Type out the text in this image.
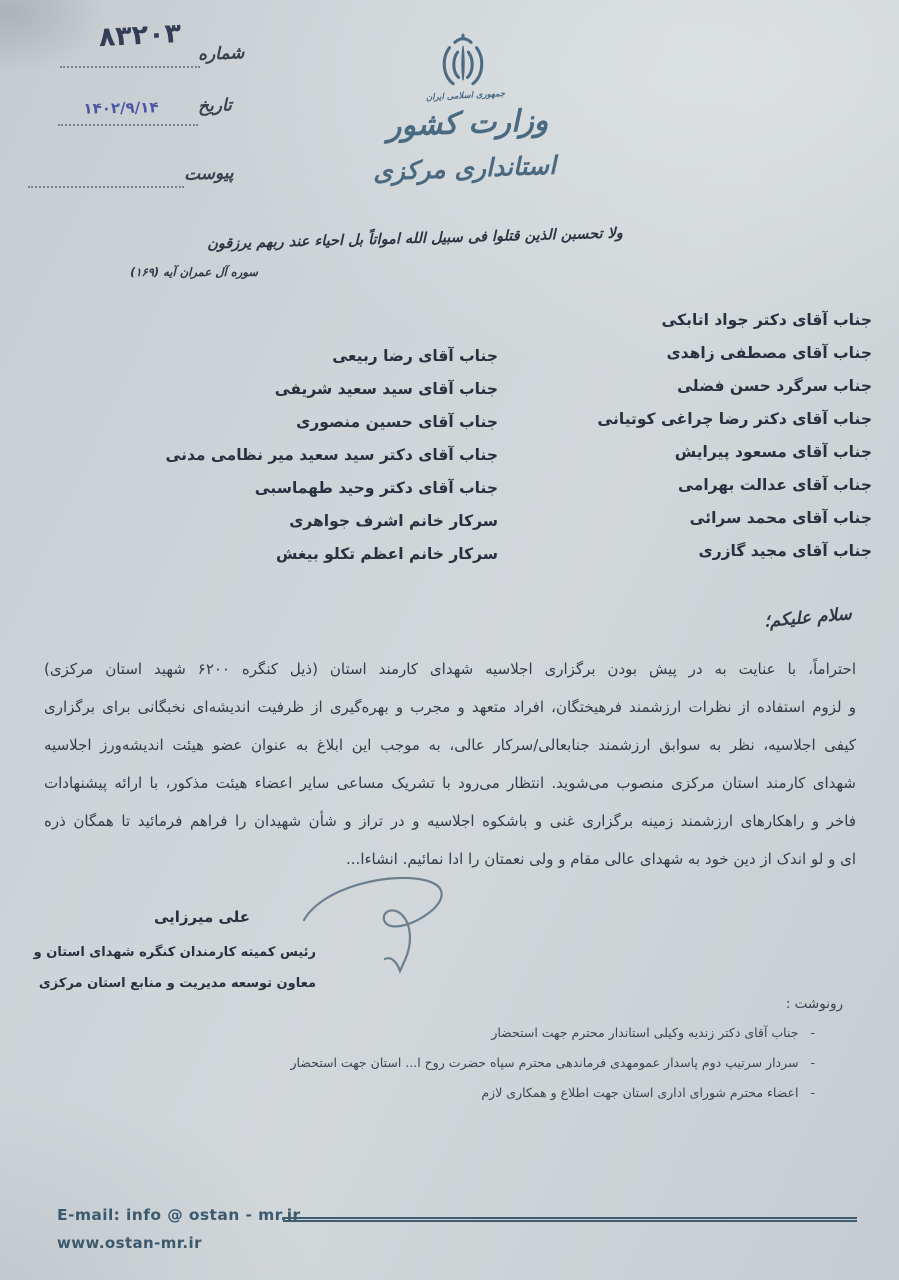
۸۳۲۰۳
شماره
۱۴۰۲/۹/۱۴	تاریخ
پیوست
جمهوری اسلامی ایران
وزارت کشور
استانداری مرکزی
ولا تحسبن الذین قتلوا فی سبیل الله امواتاً بل احیاء عند ربهم یرزقون
سوره آل عمران آیه (۱۶۹)
جناب آقای دکتر جواد اتابکی
جناب آقای مصطفی زاهدی
جناب سرگرد حسن فضلی
جناب آقای دکتر رضا چراغی کوتیانی
جناب آقای مسعود پیرایش
جناب آقای عدالت بهرامی
جناب آقای محمد سرائی
جناب آقای مجید گازری
جناب آقای رضا ربیعی
جناب آقای سید سعید شریفی
جناب آقای حسین منصوری
جناب آقای دکتر سید سعید میر نظامی مدنی
جناب آقای دکتر وحید طهماسبی
سرکار خانم اشرف جواهری
سرکار خانم اعظم تکلو بیغش
سلام علیکم؛
احتراماً، با عنایت به در پیش بودن برگزاری اجلاسیه شهدای کارمند استان (ذیل کنگره ۶۲۰۰ شهید استان مرکزی)
و لزوم استفاده از نظرات ارزشمند فرهیختگان، افراد متعهد و مجرب و بهره‌گیری از ظرفیت اندیشه‌ای نخبگانی برای برگزاری
کیفی اجلاسیه، نظر به سوابق ارزشمند جنابعالی/سرکار عالی، به موجب این ابلاغ به عنوان عضو هیئت اندیشه‌ورز اجلاسیه
شهدای کارمند استان مرکزی منصوب می‌شوید. انتظار می‌رود با تشریک مساعی سایر اعضاء هیئت مذکور، با ارائه پیشنهادات
فاخر و راهکارهای ارزشمند زمینه برگزاری غنی و باشکوه اجلاسیه و در تراز و شأن شهیدان را فراهم فرمائید تا همگان ذره
ای و لو اندک از دین خود به شهدای عالی مقام و ولی نعمتان را ادا نمائیم. انشاءا...
علی میرزایی
رئیس کمیته کارمندان کنگره شهدای استان و
معاون توسعه مدیریت و منابع استان مرکزی
رونوشت :
-
جناب آقای دکتر زندیه وکیلی استاندار محترم جهت استحضار
-
سردار سرتیپ دوم پاسدار عمومهدی فرماندهی محترم سپاه حضرت روح ا... استان جهت استحضار
-
اعضاء محترم شورای اداری استان جهت اطلاع و همکاری لازم
E-mail: info @ ostan - mr.ir
www.ostan-mr.ir
